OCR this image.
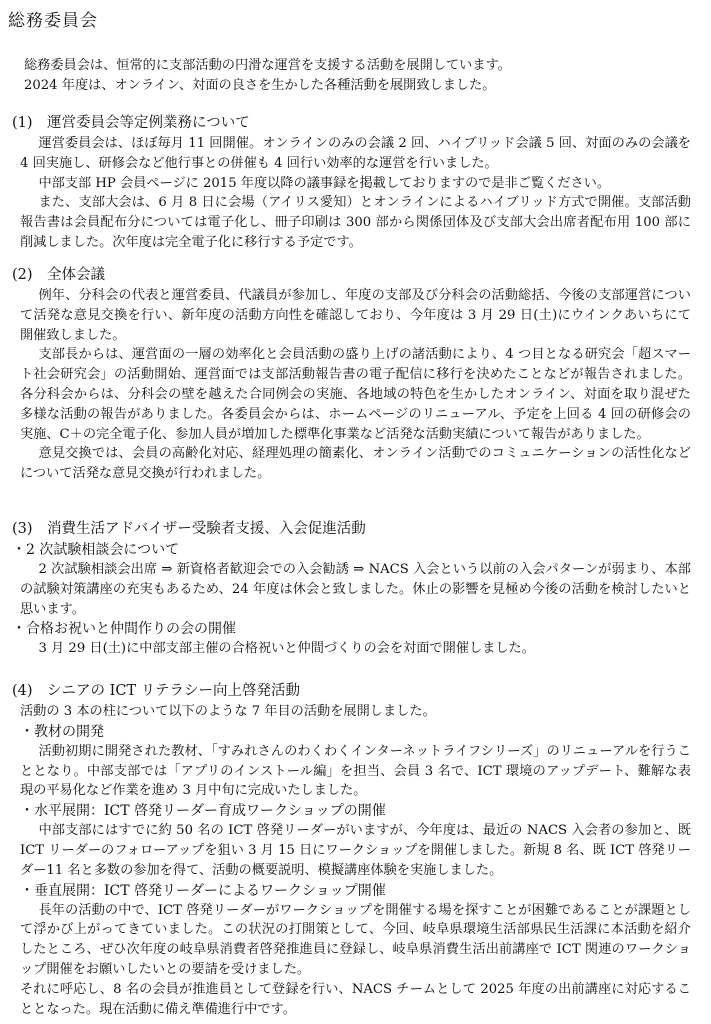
総務委員会

総務委員会は、恒常的に支部活動の円滑な運営を支援する活動を展開しています。

2024 年度は、オンライン、対面の良さを生かした各種活動を展開致しました。

(1)　運営委員会等定例業務について

運営委員会は、ほぼ毎月 11 回開催。オンラインのみの会議 2 回、ハイブリッド会議 5 回、対面のみの会議を 4 回実施し、研修会など他行事との併催も 4 回行い効率的な運営を行いました。

中部支部 HP 会員ページに 2015 年度以降の議事録を掲載しておりますので是非ご覧ください。

また、支部大会は、6 月 8 日に会場（アイリス愛知）とオンラインによるハイブリッド方式で開催。支部活動報告書は会員配布分については電子化し、冊子印刷は 300 部から関係団体及び支部大会出席者配布用 100 部に削減しました。次年度は完全電子化に移行する予定です。

(2)　全体会議

例年、分科会の代表と運営委員、代議員が参加し、年度の支部及び分科会の活動総括、今後の支部運営について活発な意見交換を行い、新年度の活動方向性を確認しており、今年度は 3 月 29 日(土)にウインクあいちにて開催致しました。

支部長からは、運営面の一層の効率化と会員活動の盛り上げの諸活動により、4 つ目となる研究会「超スマート社会研究会」の活動開始、運営面では支部活動報告書の電子配信に移行を決めたことなどが報告されました。各分科会からは、分科会の壁を越えた合同例会の実施、各地域の特色を生かしたオンライン、対面を取り混ぜた多様な活動の報告がありました。各委員会からは、ホームページのリニューアル、予定を上回る 4 回の研修会の実施、C＋の完全電子化、参加人員が増加した標準化事業など活発な活動実績について報告がありました。

意見交換では、会員の高齢化対応、経理処理の簡素化、オンライン活動でのコミュニケーションの活性化などについて活発な意見交換が行われました。

(3)　消費生活アドバイザー受験者支援、入会促進活動

・2 次試験相談会について

2 次試験相談会出席 ⇒ 新資格者歓迎会での入会勧誘 ⇒ NACS 入会という以前の入会パターンが弱まり、本部の試験対策講座の充実もあるため、24 年度は休会と致しました。休止の影響を見極め今後の活動を検討したいと思います。

・合格お祝いと仲間作りの会の開催

3 月 29 日(土)に中部支部主催の合格祝いと仲間づくりの会を対面で開催しました。

(4)　シニアの ICT リテラシー向上啓発活動

活動の 3 本の柱について以下のような 7 年目の活動を展開しました。

・教材の開発

活動初期に開発された教材、「すみれさんのわくわくインターネットライフシリーズ」のリニューアルを行うこととなり。中部支部では「アプリのインストール編」を担当、会員 3 名で、ICT 環境のアップデート、難解な表現の平易化など作業を進め 3 月中旬に完成いたしました。

・水平展開：ICT 啓発リーダー育成ワークショップの開催

中部支部にはすでに約 50 名の ICT 啓発リーダーがいますが、今年度は、最近の NACS 入会者の参加と、既 ICT リーダーのフォローアップを狙い 3 月 15 日にワークショップを開催しました。新規 8 名、既 ICT 啓発リーダー11 名と多数の参加を得て、活動の概要説明、模擬講座体験を実施しました。

・垂直展開：ICT 啓発リーダーによるワークショップ開催

長年の活動の中で、ICT 啓発リーダーがワークショップを開催する場を探すことが困難であることが課題として浮かび上がってきていました。この状況の打開策として、今回、岐阜県環境生活部県民生活課に本活動を紹介したところ、ぜひ次年度の岐阜県消費者啓発推進員に登録し、岐阜県消費生活出前講座で ICT 関連のワークショップ開催をお願いしたいとの要請を受けました。

それに呼応し、8 名の会員が推進員として登録を行い、NACS チームとして 2025 年度の出前講座に対応することとなった。現在活動に備え準備進行中です。
